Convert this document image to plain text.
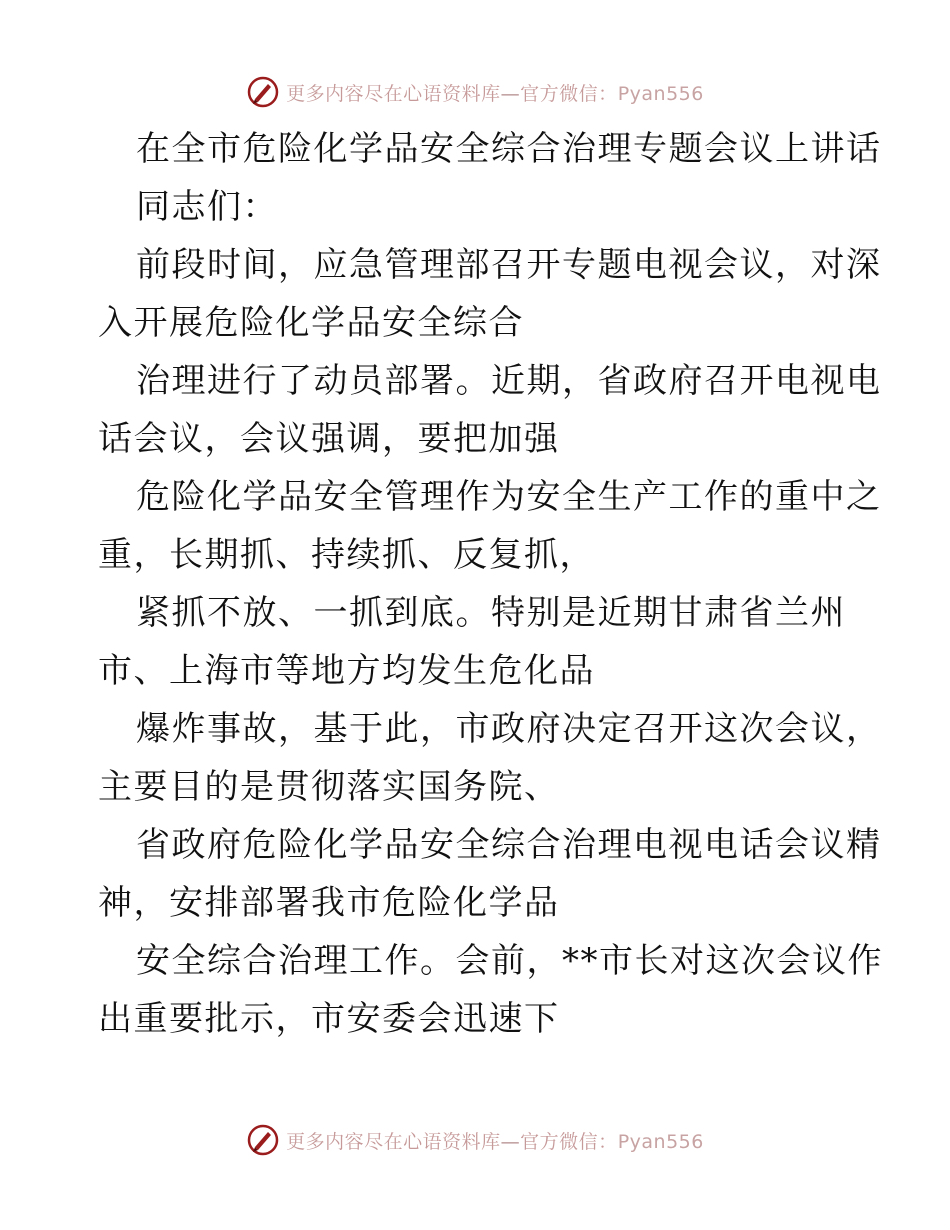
更多内容尽在心语资料库—官方微信：Pyan556
在全市危险化学品安全综合治理专题会议上讲话
同志们：
前段时间，应急管理部召开专题电视会议，对深
入开展危险化学品安全综合
治理进行了动员部署。近期，省政府召开电视电
话会议，会议强调，要把加强
危险化学品安全管理作为安全生产工作的重中之
重，长期抓、持续抓、反复抓，
紧抓不放、一抓到底。特别是近期甘肃省兰州
市、上海市等地方均发生危化品
爆炸事故，基于此，市政府决定召开这次会议，
主要目的是贯彻落实国务院、
省政府危险化学品安全综合治理电视电话会议精
神，安排部署我市危险化学品
安全综合治理工作。会前，**市长对这次会议作
出重要批示，市安委会迅速下
更多内容尽在心语资料库—官方微信：Pyan556
